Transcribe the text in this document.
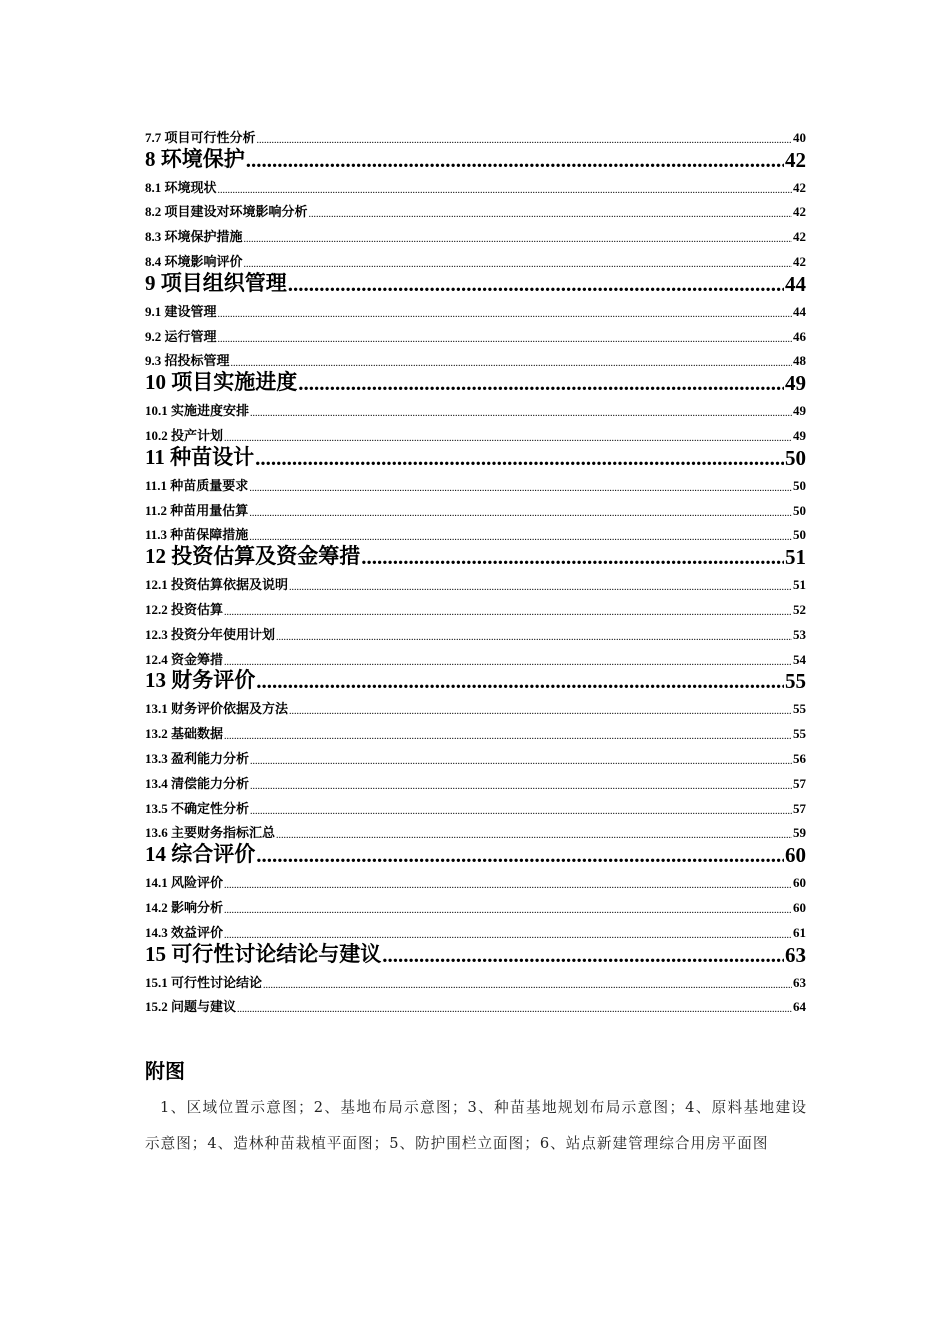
7.7 项目可行性分析 .....	40
8 环境保护 .....	42
8.1 环境现状 .....	42
8.2 项目建设对环境影响分析 .....	42
8.3 环境保护措施 .....	42
8.4 环境影响评价 .....	42
9 项目组织管理 .....	44
9.1 建设管理 .....	44
9.2 运行管理 .....	46
9.3 招投标管理 .....	48
10 项目实施进度 .....	49
10.1 实施进度安排 .....	49
10.2 投产计划 .....	49
11 种苗设计 .....	50
11.1 种苗质量要求 .....	50
11.2 种苗用量估算 .....	50
11.3 种苗保障措施 .....	50
12 投资估算及资金筹措 .....	51
12.1 投资估算依据及说明 .....	51
12.2 投资估算 .....	52
12.3 投资分年使用计划 .....	53
12.4 资金筹措 .....	54
13 财务评价 .....	55
13.1 财务评价依据及方法 .....	55
13.2 基础数据 .....	55
13.3 盈利能力分析 .....	56
13.4 清偿能力分析 .....	57
13.5 不确定性分析 .....	57
13.6 主要财务指标汇总 .....	59
14 综合评价 .....	60
14.1 风险评价 .....	60
14.2 影响分析 .....	60
14.3 效益评价 .....	61
15 可行性讨论结论与建议 .....	63
15.1 可行性讨论结论 .....	63
15.2 问题与建议 .....	64
附图
1、区域位置示意图；2、基地布局示意图；3、种苗基地规划布局示意图；4、原料基地建设示意图；4、造林种苗栽植平面图；5、防护围栏立面图；6、站点新建管理综合用房平面图
